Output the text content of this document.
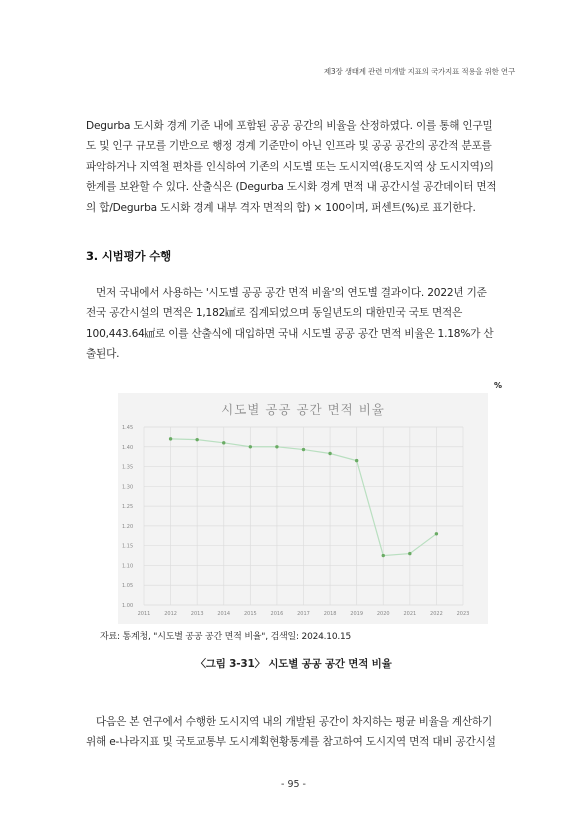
제3장 생태계 관련 미개발 지표의 국가지표 적용을 위한 연구

Degurba 도시화 경계 기준 내에 포함된 공공 공간의 비율을 산정하였다. 이를 통해 인구밀

도 및 인구 규모를 기반으로 행정 경계 기준만이 아닌 인프라 및 공공 공간의 공간적 분포를

파악하거나 지역철 편차를 인식하여 기존의 시도별 또는 도시지역(용도지역 상 도시지역)의

한계를 보완할 수 있다. 산출식은 (Degurba 도시화 경계 면적 내 공간시설 공간데이터 면적

의 합/Degurba 도시화 경계 내부 격자 면적의 합) × 100이며, 퍼센트(%)로 표기한다.

3. 시범평가 수행

먼저 국내에서 사용하는 '시도별 공공 공간 면적 비율'의 연도별 결과이다. 2022년 기준

전국 공간시설의 면적은 1,182㎢로 집계되었으며 동일년도의 대한민국 국토 면적은

100,443.64㎢로 이를 산출식에 대입하면 국내 시도별 공공 공간 면적 비율은 1.18%가 산

출된다.

%
시도별 공공 공간 면적 비율
1.45
1.40
1.35
1.30
1.25
1.20
1.15
1.10
1.05
1.00
2011	2012	2013	2014	2015	2016	2017	2018	2019	2020	2021	2022	2023
자료: 통계청, "시도별 공공 공간 면적 비율", 검색일: 2024.10.15
〈그림 3-31〉 시도별 공공 공간 면적 비율

다음은 본 연구에서 수행한 도시지역 내의 개발된 공간이 차지하는 평균 비율을 계산하기

위해 e-나라지표 및 국토교통부 도시계획현황통계를 참고하여 도시지역 면적 대비 공간시설

- 95 -
